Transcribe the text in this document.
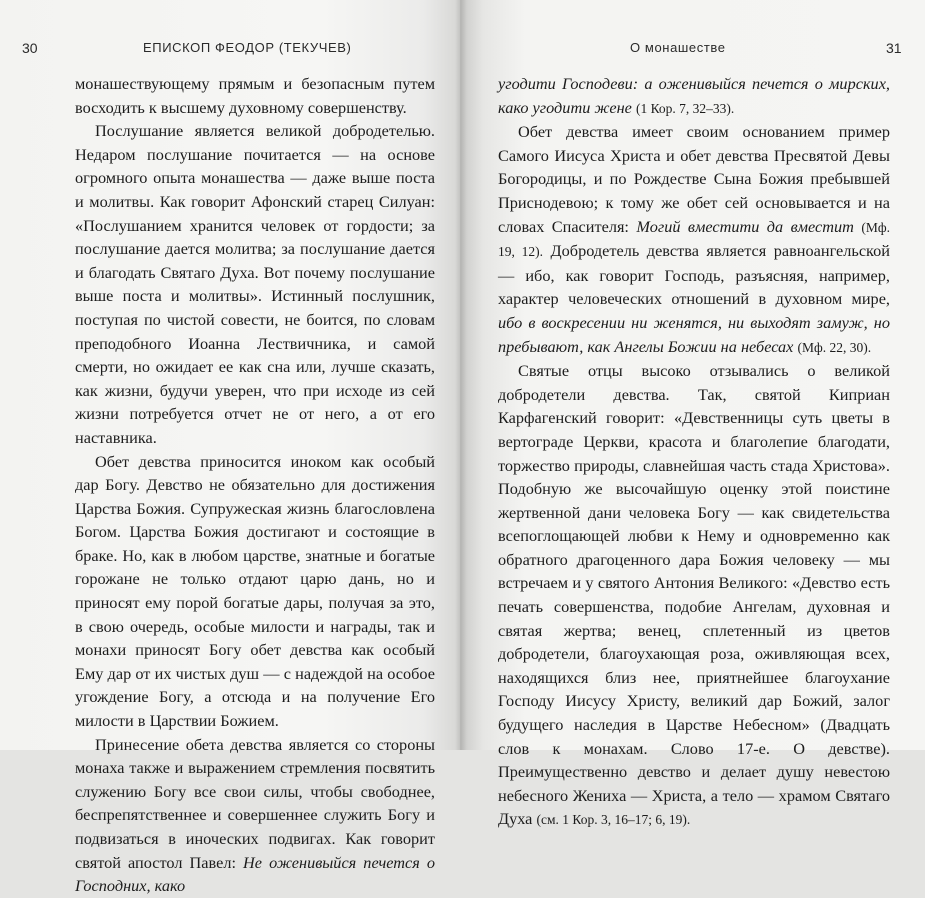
30	ЕПИСКОП ФЕОДОР (ТЕКУЧЕВ)

монашествующему прямым и безопасным путем восходить к высшему духовному совершенству.

Послушание является великой добродетелью. Недаром послушание почитается — на основе огромного опыта монашества — даже выше поста и молитвы. Как говорит Афонский старец Силуан: «Послушанием хранится человек от гордости; за послушание дается молитва; за послушание дается и благодать Святаго Духа. Вот почему послушание выше поста и молитвы». Истинный послушник, поступая по чистой совести, не боится, по словам преподобного Иоанна Лествичника, и самой смерти, но ожидает ее как сна или, лучше сказать, как жизни, будучи уверен, что при исходе из сей жизни потребуется отчет не от него, а от его наставника.

Обет девства приносится иноком как особый дар Богу. Девство не обязательно для достижения Царства Божия. Супружеская жизнь благословлена Богом. Царства Божия достигают и состоящие в браке. Но, как в любом царстве, знатные и богатые горожане не только отдают царю дань, но и приносят ему порой богатые дары, получая за это, в свою очередь, особые милости и награды, так и монахи приносят Богу обет девства как особый Ему дар от их чистых душ — с надеждой на особое угождение Богу, а отсюда и на получение Его милости в Царствии Божием.

Принесение обета девства является со стороны монаха также и выражением стремления посвятить служению Богу все свои силы, чтобы свободнее, беспрепятственнее и совершеннее служить Богу и подвизаться в иноческих подвигах. Как говорит святой апостол Павел: Не оженивыйся печется о Господних, како

О монашестве	31

угодити Господеви: а оженивыйся печется о мирских, како угодити жене (1 Кор. 7, 32–33).

Обет девства имеет своим основанием пример Самого Иисуса Христа и обет девства Пресвятой Девы Богородицы, и по Рождестве Сына Божия пребывшей Приснодевою; к тому же обет сей основывается и на словах Спасителя: Могий вместити да вместит (Мф. 19, 12). Добродетель девства является равноангельской — ибо, как говорит Господь, разъясняя, например, характер человеческих отношений в духовном мире, ибо в воскресении ни женятся, ни выходят замуж, но пребывают, как Ангелы Божии на небесах (Мф. 22, 30).

Святые отцы высоко отзывались о великой добродетели девства. Так, святой Киприан Карфагенский говорит: «Девственницы суть цветы в вертограде Церкви, красота и благолепие благодати, торжество природы, славнейшая часть стада Христова». Подобную же высочайшую оценку этой поистине жертвенной дани человека Богу — как свидетельства всепоглощающей любви к Нему и одновременно как обратного драгоценного дара Божия человеку — мы встречаем и у святого Антония Великого: «Девство есть печать совершенства, подобие Ангелам, духовная и святая жертва; венец, сплетенный из цветов добродетели, благоухающая роза, оживляющая всех, находящихся близ нее, приятнейшее благоухание Господу Иисусу Христу, великий дар Божий, залог будущего наследия в Царстве Небесном» (Двадцать слов к монахам. Слово 17-е. О девстве). Преимущественно девство и делает душу невестою небесного Жениха — Христа, а тело — храмом Святаго Духа (см. 1 Кор. 3, 16–17; 6, 19).
